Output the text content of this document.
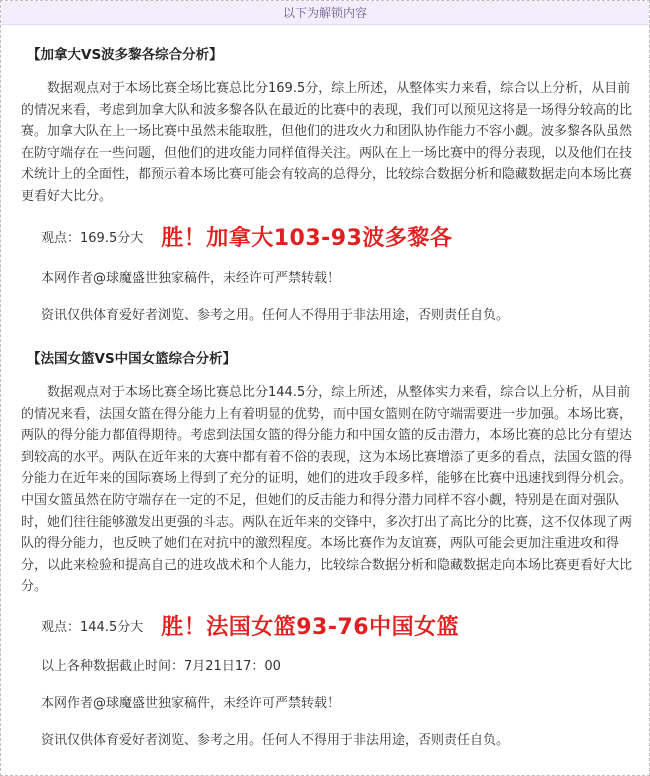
以下为解锁内容
【加拿大VS波多黎各综合分析】

数据观点对于本场比赛全场比赛总比分169.5分，综上所述，从整体实力来看，综合以上分析，从目前的情况来看，考虑到加拿大队和波多黎各队在最近的比赛中的表现，我们可以预见这将是一场得分较高的比赛。加拿大队在上一场比赛中虽然未能取胜，但他们的进攻火力和团队协作能力不容小觑。波多黎各队虽然在防守端存在一些问题，但他们的进攻能力同样值得关注。两队在上一场比赛中的得分表现，以及他们在技术统计上的全面性，都预示着本场比赛可能会有较高的总得分，比较综合数据分析和隐藏数据走向本场比赛更看好大比分。

观点：169.5分大 胜！加拿大103-93波多黎各
本网作者@球魔盛世独家稿件，未经许可严禁转载！
资讯仅供体育爱好者浏览、参考之用。任何人不得用于非法用途，否则责任自负。
【法国女篮VS中国女篮综合分析】

数据观点对于本场比赛全场比赛总比分144.5分，综上所述，从整体实力来看，综合以上分析，从目前的情况来看，法国女篮在得分能力上有着明显的优势，而中国女篮则在防守端需要进一步加强。本场比赛，两队的得分能力都值得期待。考虑到法国女篮的得分能力和中国女篮的反击潜力，本场比赛的总比分有望达到较高的水平。两队在近年来的大赛中都有着不俗的表现，这为本场比赛增添了更多的看点，法国女篮的得分能力在近年来的国际赛场上得到了充分的证明，她们的进攻手段多样，能够在比赛中迅速找到得分机会。中国女篮虽然在防守端存在一定的不足，但她们的反击能力和得分潜力同样不容小觑，特别是在面对强队时，她们往往能够激发出更强的斗志。两队在近年来的交锋中，多次打出了高比分的比赛，这不仅体现了两队的得分能力，也反映了她们在对抗中的激烈程度。本场比赛作为友谊赛，两队可能会更加注重进攻和得分，以此来检验和提高自己的进攻战术和个人能力，比较综合数据分析和隐藏数据走向本场比赛更看好大比分。

观点：144.5分大 胜！法国女篮93-76中国女篮
以上各种数据截止时间：7月21日17：00
本网作者@球魔盛世独家稿件，未经许可严禁转载！
资讯仅供体育爱好者浏览、参考之用。任何人不得用于非法用途，否则责任自负。
